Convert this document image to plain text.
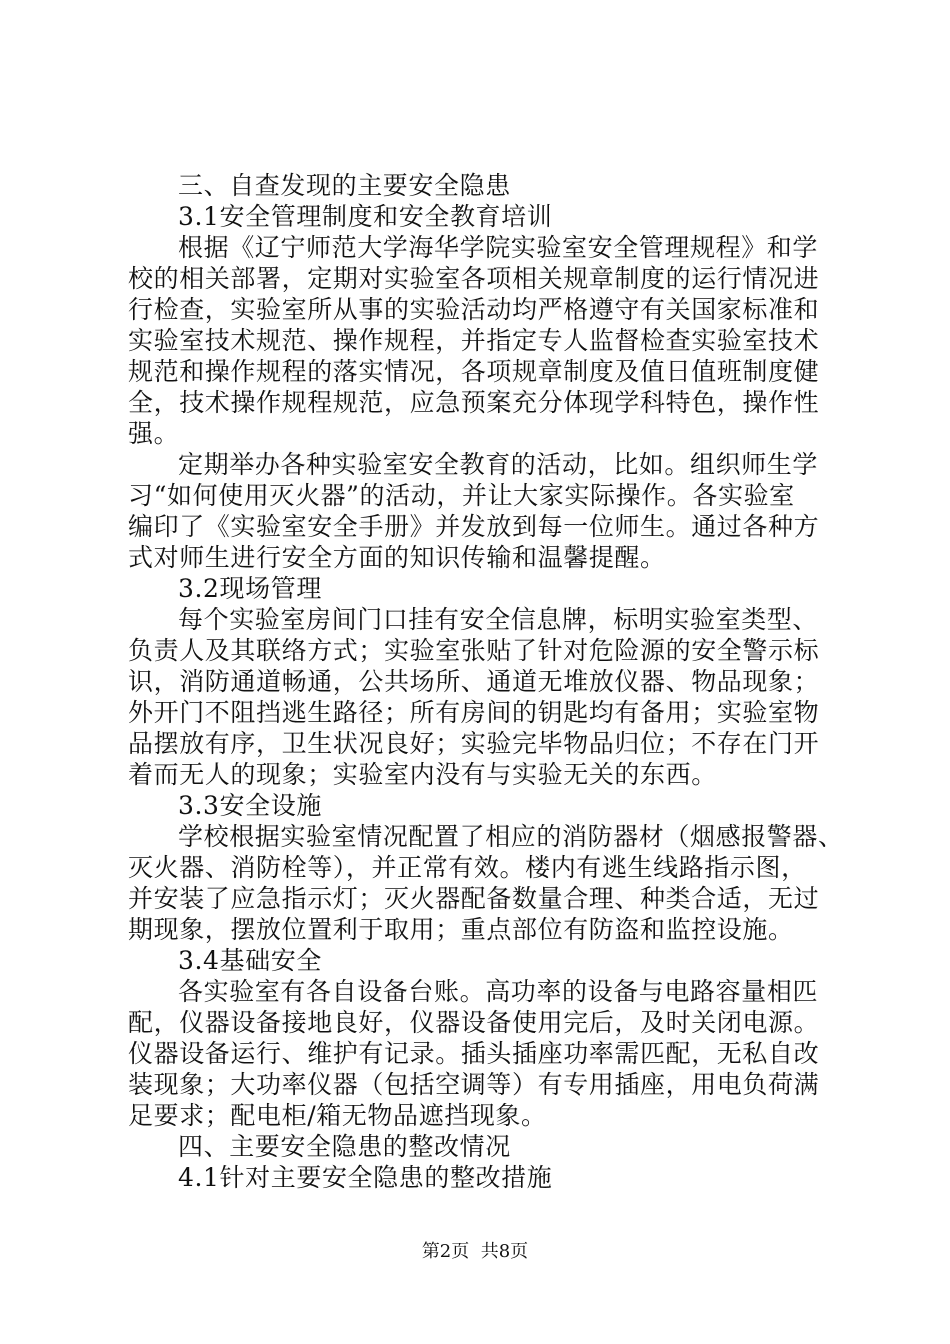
三、自查发现的主要安全隐患
3.1安全管理制度和安全教育培训
根据《辽宁师范大学海华学院实验室安全管理规程》和学
校的相关部署，定期对实验室各项相关规章制度的运行情况进
行检查，实验室所从事的实验活动均严格遵守有关国家标准和
实验室技术规范、操作规程，并指定专人监督检查实验室技术
规范和操作规程的落实情况，各项规章制度及值日值班制度健
全，技术操作规程规范，应急预案充分体现学科特色，操作性
强。
定期举办各种实验室安全教育的活动，比如。组织师生学
习“如何使用灭火器”的活动，并让大家实际操作。各实验室
编印了《实验室安全手册》并发放到每一位师生。通过各种方
式对师生进行安全方面的知识传输和温馨提醒。
3.2现场管理
每个实验室房间门口挂有安全信息牌，标明实验室类型、
负责人及其联络方式；实验室张贴了针对危险源的安全警示标
识，消防通道畅通，公共场所、通道无堆放仪器、物品现象；
外开门不阻挡逃生路径；所有房间的钥匙均有备用；实验室物
品摆放有序，卫生状况良好；实验完毕物品归位；不存在门开
着而无人的现象；实验室内没有与实验无关的东西。
3.3安全设施
学校根据实验室情况配置了相应的消防器材（烟感报警器、
灭火器、消防栓等），并正常有效。楼内有逃生线路指示图，
并安装了应急指示灯；灭火器配备数量合理、种类合适，无过
期现象，摆放位置利于取用；重点部位有防盗和监控设施。
3.4基础安全
各实验室有各自设备台账。高功率的设备与电路容量相匹
配，仪器设备接地良好，仪器设备使用完后，及时关闭电源。
仪器设备运行、维护有记录。插头插座功率需匹配，无私自改
装现象；大功率仪器（包括空调等）有专用插座，用电负荷满
足要求；配电柜/箱无物品遮挡现象。
四、主要安全隐患的整改情况
4.1针对主要安全隐患的整改措施
第2页  共8页
